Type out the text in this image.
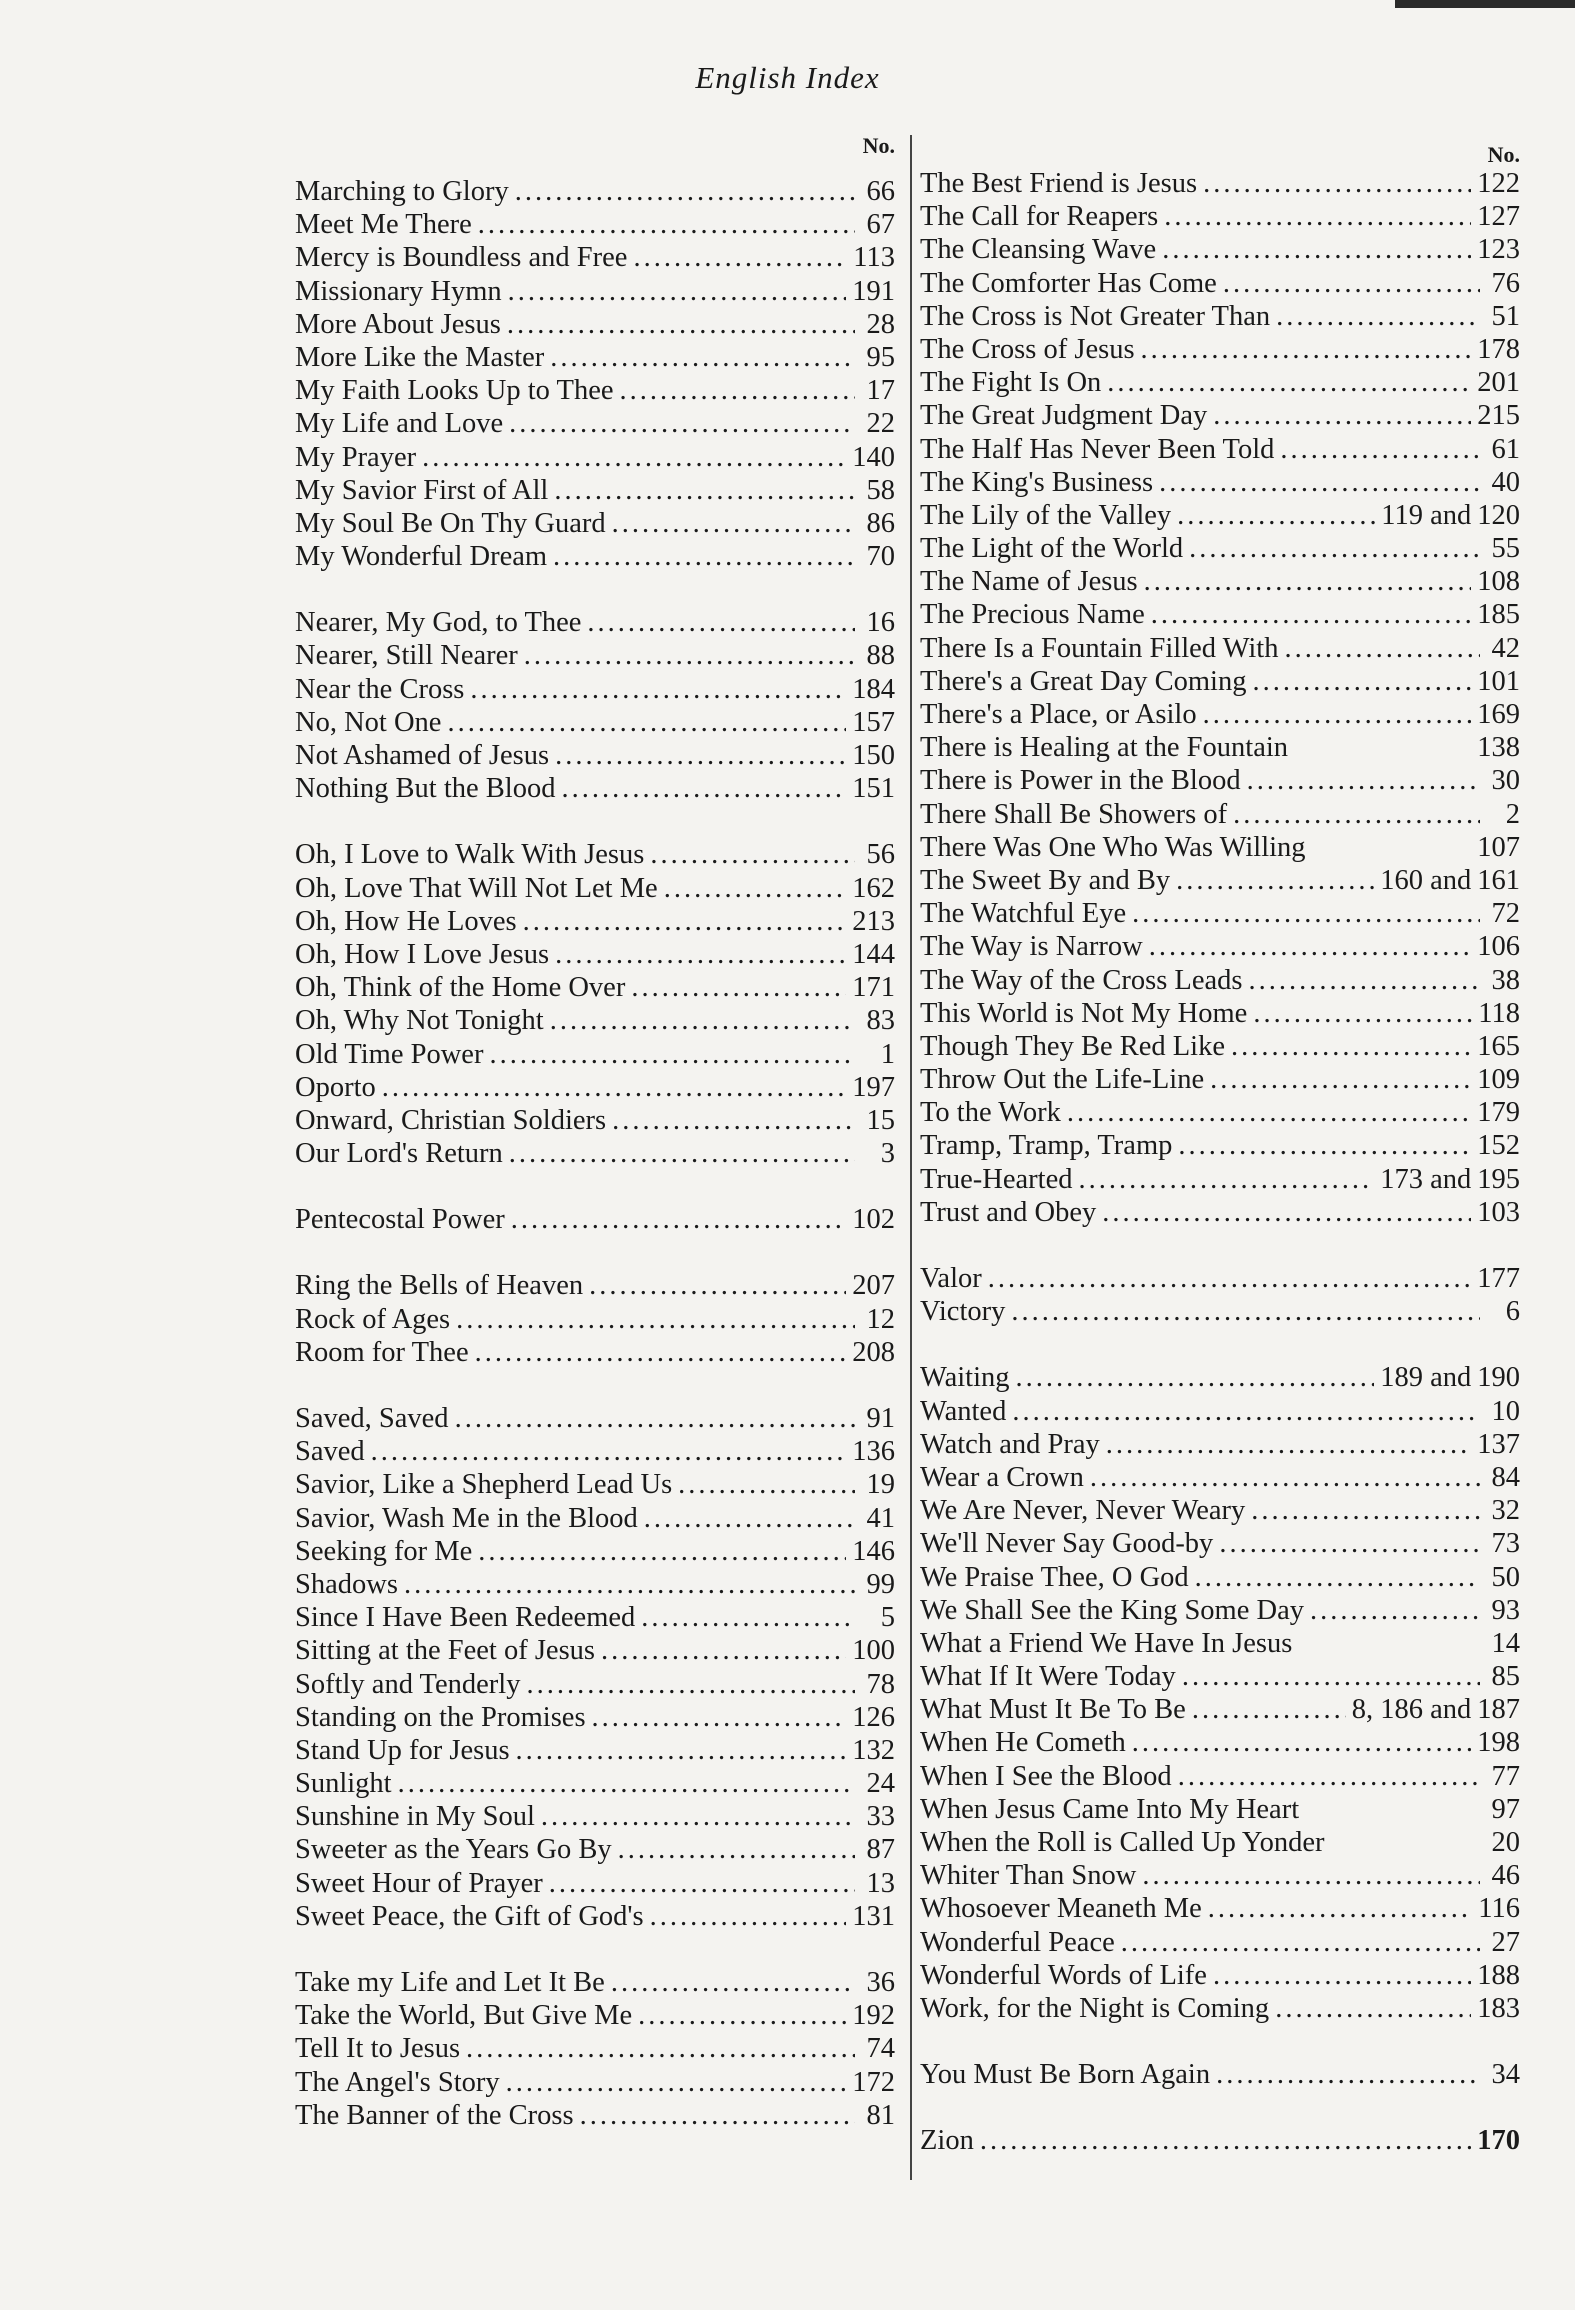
English Index
No.
Marching to Glory .....	66
Meet Me There .....	67
Mercy is Boundless and Free .....	113
Missionary Hymn .....	191
More About Jesus .....	28
More Like the Master .....	95
My Faith Looks Up to Thee .....	17
My Life and Love .....	22
My Prayer .....	140
My Savior First of All .....	58
My Soul Be On Thy Guard .....	86
My Wonderful Dream .....	70
Nearer, My God, to Thee .....	16
Nearer, Still Nearer .....	88
Near the Cross .....	184
No, Not One .....	157
Not Ashamed of Jesus .....	150
Nothing But the Blood .....	151
Oh, I Love to Walk With Jesus .....	56
Oh, Love That Will Not Let Me .....	162
Oh, How He Loves .....	213
Oh, How I Love Jesus .....	144
Oh, Think of the Home Over .....	171
Oh, Why Not Tonight .....	83
Old Time Power .....	1
Oporto .....	197
Onward, Christian Soldiers .....	15
Our Lord's Return .....	3
Pentecostal Power .....	102
Ring the Bells of Heaven .....	207
Rock of Ages .....	12
Room for Thee .....	208
Saved, Saved .....	91
Saved .....	136
Savior, Like a Shepherd Lead Us .....	19
Savior, Wash Me in the Blood .....	41
Seeking for Me .....	146
Shadows .....	99
Since I Have Been Redeemed .....	5
Sitting at the Feet of Jesus .....	100
Softly and Tenderly .....	78
Standing on the Promises .....	126
Stand Up for Jesus .....	132
Sunlight .....	24
Sunshine in My Soul .....	33
Sweeter as the Years Go By .....	87
Sweet Hour of Prayer .....	13
Sweet Peace, the Gift of God's .....	131
Take my Life and Let It Be .....	36
Take the World, But Give Me .....	192
Tell It to Jesus .....	74
The Angel's Story .....	172
The Banner of the Cross .....	81
No.
The Best Friend is Jesus .....	122
The Call for Reapers .....	127
The Cleansing Wave .....	123
The Comforter Has Come .....	76
The Cross is Not Greater Than .....	51
The Cross of Jesus .....	178
The Fight Is On .....	201
The Great Judgment Day .....	215
The Half Has Never Been Told .....	61
The King's Business .....	40
The Lily of the Valley .....	119 and 120
The Light of the World .....	55
The Name of Jesus .....	108
The Precious Name .....	185
There Is a Fountain Filled With .....	42
There's a Great Day Coming .....	101
There's a Place, or Asilo .....	169
There is Healing at the Fountain	138
There is Power in the Blood .....	30
There Shall Be Showers of .....	2
There Was One Who Was Willing	107
The Sweet By and By .....	160 and 161
The Watchful Eye .....	72
The Way is Narrow .....	106
The Way of the Cross Leads .....	38
This World is Not My Home .....	118
Though They Be Red Like .....	165
Throw Out the Life-Line .....	109
To the Work .....	179
Tramp, Tramp, Tramp .....	152
True-Hearted .....	173 and 195
Trust and Obey .....	103
Valor .....	177
Victory .....	6
Waiting .....	189 and 190
Wanted .....	10
Watch and Pray .....	137
Wear a Crown .....	84
We Are Never, Never Weary .....	32
We'll Never Say Good-by .....	73
We Praise Thee, O God .....	50
We Shall See the King Some Day .....	93
What a Friend We Have In Jesus	14
What If It Were Today .....	85
What Must It Be To Be .....	8, 186 and 187
When He Cometh .....	198
When I See the Blood .....	77
When Jesus Came Into My Heart	97
When the Roll is Called Up Yonder	20
Whiter Than Snow .....	46
Whosoever Meaneth Me .....	116
Wonderful Peace .....	27
Wonderful Words of Life .....	188
Work, for the Night is Coming .....	183
You Must Be Born Again .....	34
Zion .....	170
